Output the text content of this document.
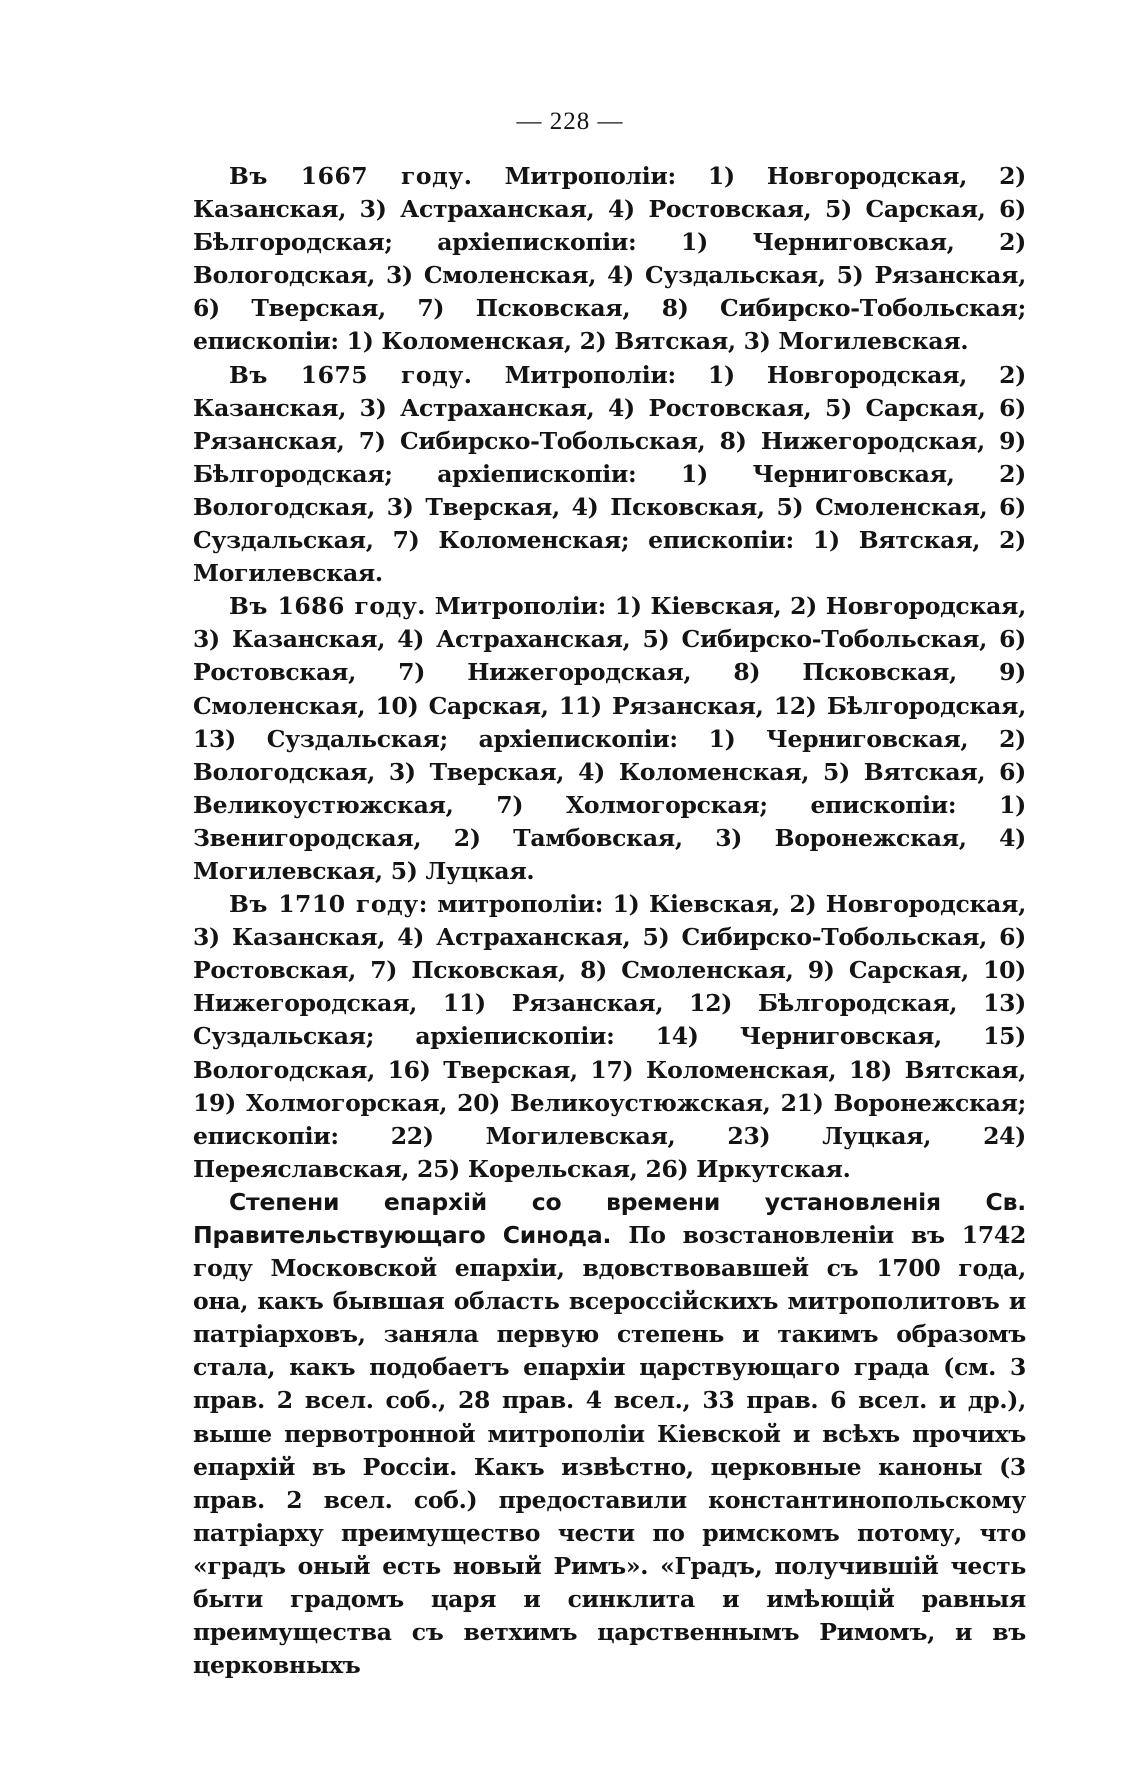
— 228 —

Въ 1667 году. Митрополіи: 1) Новгородская, 2) Казанская, 3) Астраханская, 4) Ростовская, 5) Сарская, 6) Бѣлгородская; архіепископіи: 1) Черниговская, 2) Вологодская, 3) Смоленская, 4) Суздальская, 5) Рязанская, 6) Тверская, 7) Псковская, 8) Сибирско-Тобольская; епископіи: 1) Коломенская, 2) Вятская, 3) Могилевская.

Въ 1675 году. Митрополіи: 1) Новгородская, 2) Казанская, 3) Астраханская, 4) Ростовская, 5) Сарская, 6) Рязанская, 7) Сибирско-Тобольская, 8) Нижегородская, 9) Бѣлгородская; архіепископіи: 1) Черниговская, 2) Вологодская, 3) Тверская, 4) Псковская, 5) Смоленская, 6) Суздальская, 7) Коломенская; епископіи: 1) Вятская, 2) Могилевская.

Въ 1686 году. Митрополіи: 1) Кіевская, 2) Новгородская, 3) Казанская, 4) Астраханская, 5) Сибирско-Тобольская, 6) Ростовская, 7) Нижегородская, 8) Псковская, 9) Смоленская, 10) Сарская, 11) Рязанская, 12) Бѣлгородская, 13) Суздальская; архіепископіи: 1) Черниговская, 2) Вологодская, 3) Тверская, 4) Коломенская, 5) Вятская, 6) Великоустюжская, 7) Холмогорская; епископіи: 1) Звенигородская, 2) Тамбовская, 3) Воронежская, 4) Могилевская, 5) Луцкая.

Въ 1710 году: митрополіи: 1) Кіевская, 2) Новгородская, 3) Казанская, 4) Астраханская, 5) Сибирско-Тобольская, 6) Ростовская, 7) Псковская, 8) Смоленская, 9) Сарская, 10) Нижегородская, 11) Рязанская, 12) Бѣлгородская, 13) Суздальская; архіепископіи: 14) Черниговская, 15) Вологодская, 16) Тверская, 17) Коломенская, 18) Вятская, 19) Холмогорская, 20) Великоустюжская, 21) Воронежская; епископіи: 22) Могилевская, 23) Луцкая, 24) Переяславская, 25) Корельская, 26) Иркутская.

Степени епархій со времени установленія Св. Правительствующаго Синода. По возстановленіи въ 1742 году Московской епархіи, вдовствовавшей съ 1700 года, она, какъ бывшая область всероссійскихъ митрополитовъ и патріарховъ, заняла первую степень и такимъ образомъ стала, какъ подобаетъ епархіи царствующаго града (см. 3 прав. 2 всел. соб., 28 прав. 4 всел., 33 прав. 6 всел. и др.), выше первотронной митрополіи Кіевской и всѣхъ прочихъ епархій въ Россіи. Какъ извѣстно, церковные каноны (3 прав. 2 всел. соб.) предоставили константинопольскому патріарху преимущество чести по римскомъ потому, что «градъ оный есть новый Римъ». «Градъ, получившій честь быти градомъ царя и синклита и имѣющій равныя преимущества съ ветхимъ царственнымъ Римомъ, и въ церковныхъ
